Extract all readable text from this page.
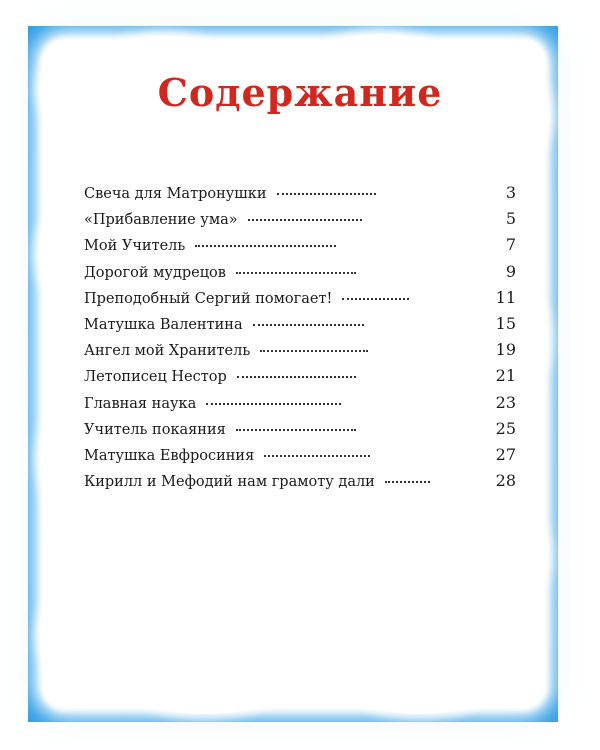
Содержание
Свеча для Матронушки	3
«Прибавление ума»	5
Мой Учитель	7
Дорогой мудрецов	9
Преподобный Сергий помогает!	11
Матушка Валентина	15
Ангел мой Хранитель	19
Летописец Нестор	21
Главная наука	23
Учитель покаяния	25
Матушка Евфросиния	27
Кирилл и Мефодий нам грамоту дали	28
